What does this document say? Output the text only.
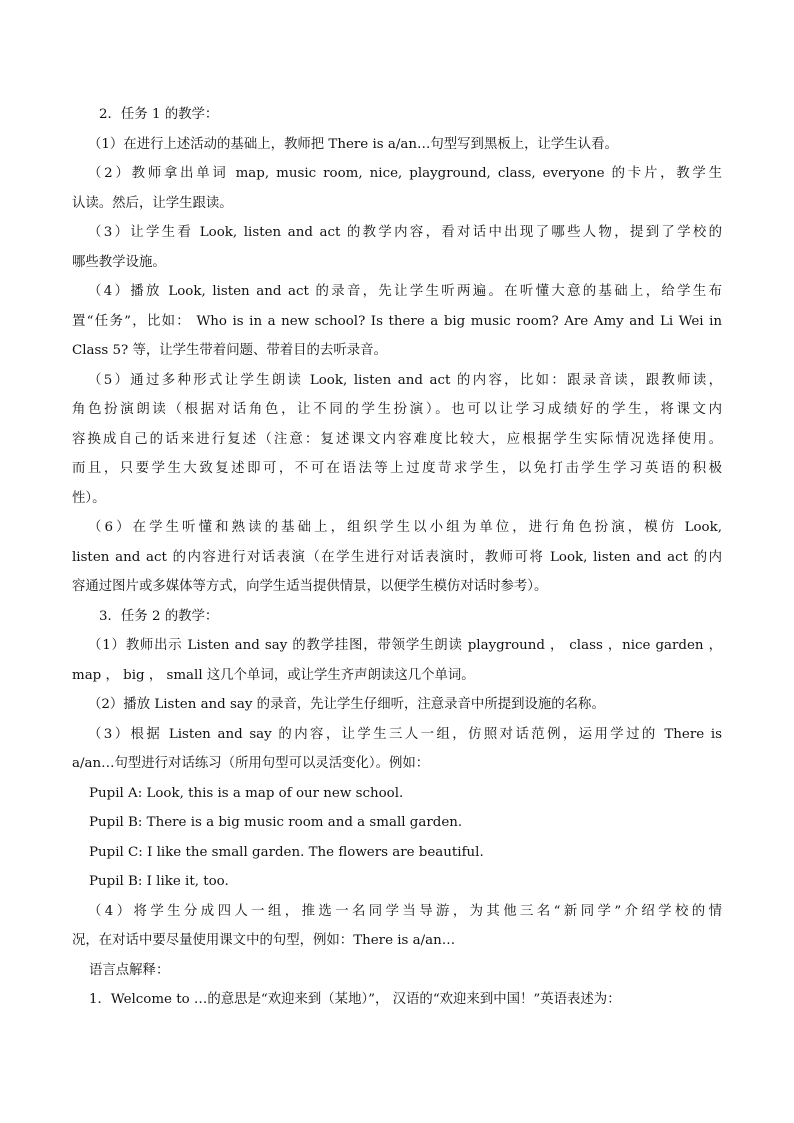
2．任务 1 的教学：
（1）在进行上述活动的基础上，教师把 There is a/an…句型写到黑板上，让学生认看。
（2）教师拿出单词 map, music room, nice, playground, class, everyone 的卡片，教学生
认读。然后，让学生跟读。
（3）让学生看 Look, listen and act 的教学内容，看对话中出现了哪些人物，提到了学校的
哪些教学设施。
（4）播放 Look, listen and act 的录音，先让学生听两遍。在听懂大意的基础上，给学生布
置“任务”，比如： Who is in a new school? Is there a big music room? Are Amy and Li Wei in
Class 5? 等，让学生带着问题、带着目的去听录音。
（5）通过多种形式让学生朗读 Look, listen and act 的内容，比如：跟录音读，跟教师读，
角色扮演朗读（根据对话角色，让不同的学生扮演）。也可以让学习成绩好的学生，将课文内
容换成自己的话来进行复述（注意：复述课文内容难度比较大，应根据学生实际情况选择使用。
而且，只要学生大致复述即可，不可在语法等上过度苛求学生，以免打击学生学习英语的积极
性）。
（6）在学生听懂和熟读的基础上，组织学生以小组为单位，进行角色扮演，模仿 Look,
listen and act 的内容进行对话表演（在学生进行对话表演时，教师可将 Look, listen and act 的内
容通过图片或多媒体等方式，向学生适当提供情景，以便学生模仿对话时参考）。
3．任务 2 的教学：
（1）教师出示 Listen and say 的教学挂图，带领学生朗读 playground ， class ，nice garden ，
map ， big ， small 这几个单词，或让学生齐声朗读这几个单词。
（2）播放 Listen and say 的录音，先让学生仔细听，注意录音中所提到设施的名称。
（3）根据 Listen and say 的内容，让学生三人一组，仿照对话范例，运用学过的 There is
a/an…句型进行对话练习（所用句型可以灵活变化）。例如：
Pupil A: Look, this is a map of our new school.
Pupil B: There is a big music room and a small garden.
Pupil C: I like the small garden. The flowers are beautiful.
Pupil B: I like it, too.
（4）将学生分成四人一组，推选一名同学当导游，为其他三名“新同学”介绍学校的情
况，在对话中要尽量使用课文中的句型，例如：There is a/an…
语言点解释：
1．Welcome to …的意思是“欢迎来到（某地）”， 汉语的“欢迎来到中国！”英语表述为：
